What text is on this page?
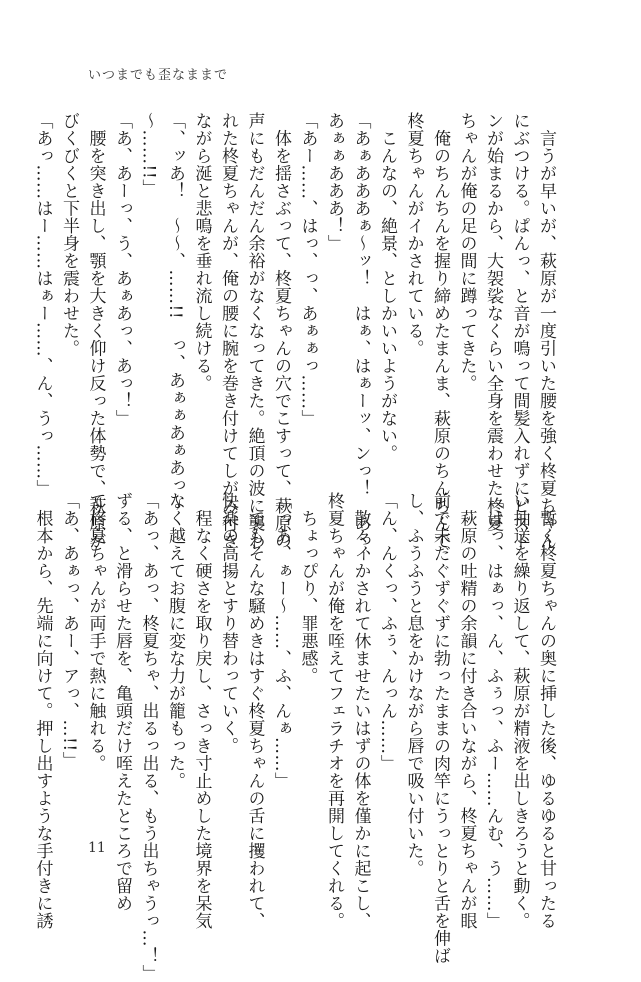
いつまでも歪なままで
　言うが早いが、萩原が一度引いた腰を強く柊夏ちゃん
にぶつける。ぱんっ、と音が鳴って間髪入れずにピスト
ンが始まるから、大袈裟なくらい全身を震わせた柊夏
ちゃんが俺の足の間に蹲ってきた。
　俺のちんちんを握り締めたまんま、萩原のちんちんで
柊夏ちゃんがイかされている。
　こんなの、絶景、としかいいようがない。
「あぁあああぁ〜ッ！　はぁ、はぁーッ、ンっ！　あっ、
あぁぁあああ！」
「あー……、はっ、っ、あぁぁっ……」
　体を揺さぶって、柊夏ちゃんの穴でこすって、萩原の
声にもだんだん余裕がなくなってきた。絶頂の波に襲わ
れた柊夏ちゃんが、俺の腰に腕を巻き付けてしがみ付き
ながら涎と悲鳴を垂れ流し続ける。
「、ッあ！　〜〜、……!!　っ、あぁぁあぁあっ〜
〜……!!」
「あ、あーっ、う、あぁあっ、あっ！」
　腰を突き出し、顎を大きく仰け反った体勢で、萩原が
びくびくと下半身を震わせた。
「あっ……はー……はぁー……、ん、うっ……」
　暫く柊夏ちゃんの奥に挿した後、ゆるゆると甘ったる
い抽送を繰り返して、萩原が精液を出しきろうと動く。
「はっ、はぁっ、ん、ふぅっ、ふー……んむ、う……」
　萩原の吐精の余韻に付き合いながら、柊夏ちゃんが眼
前で未だぐずぐずに勃ったままの肉竿にうっとりと舌を伸ば
し、ふうふうと息をかけながら唇で吸い付いた。
「ん、んくっ、ふぅ、んっん……」
　散々イかされて休ませたいはずの体を僅かに起こし、
柊夏ちゃんが俺を咥えてフェラチオを再開してくれる。
　ちょっぴり、罪悪感。
「っあ、ぁー〜……、ふ、んぁ……」
　でもそんな騒めきはすぐ柊夏ちゃんの舌に攫われて、
快楽の高揚とすり替わっていく。
　程なく硬さを取り戻し、さっき寸止めした境界を呆気
なく越えてお腹に変な力が籠もった。
「あっ、あっ、柊夏ちゃ、出るっ出る、もう出ちゃうっ…！」
ずる、と滑らせた唇を、亀頭だけ咥えたところで留め
て柊夏ちゃんが両手で熱に触れる。
「あ、あぁっ、あー、アっ、…!!」
　根本から、先端に向けて。押し出すような手付きに誘	11
